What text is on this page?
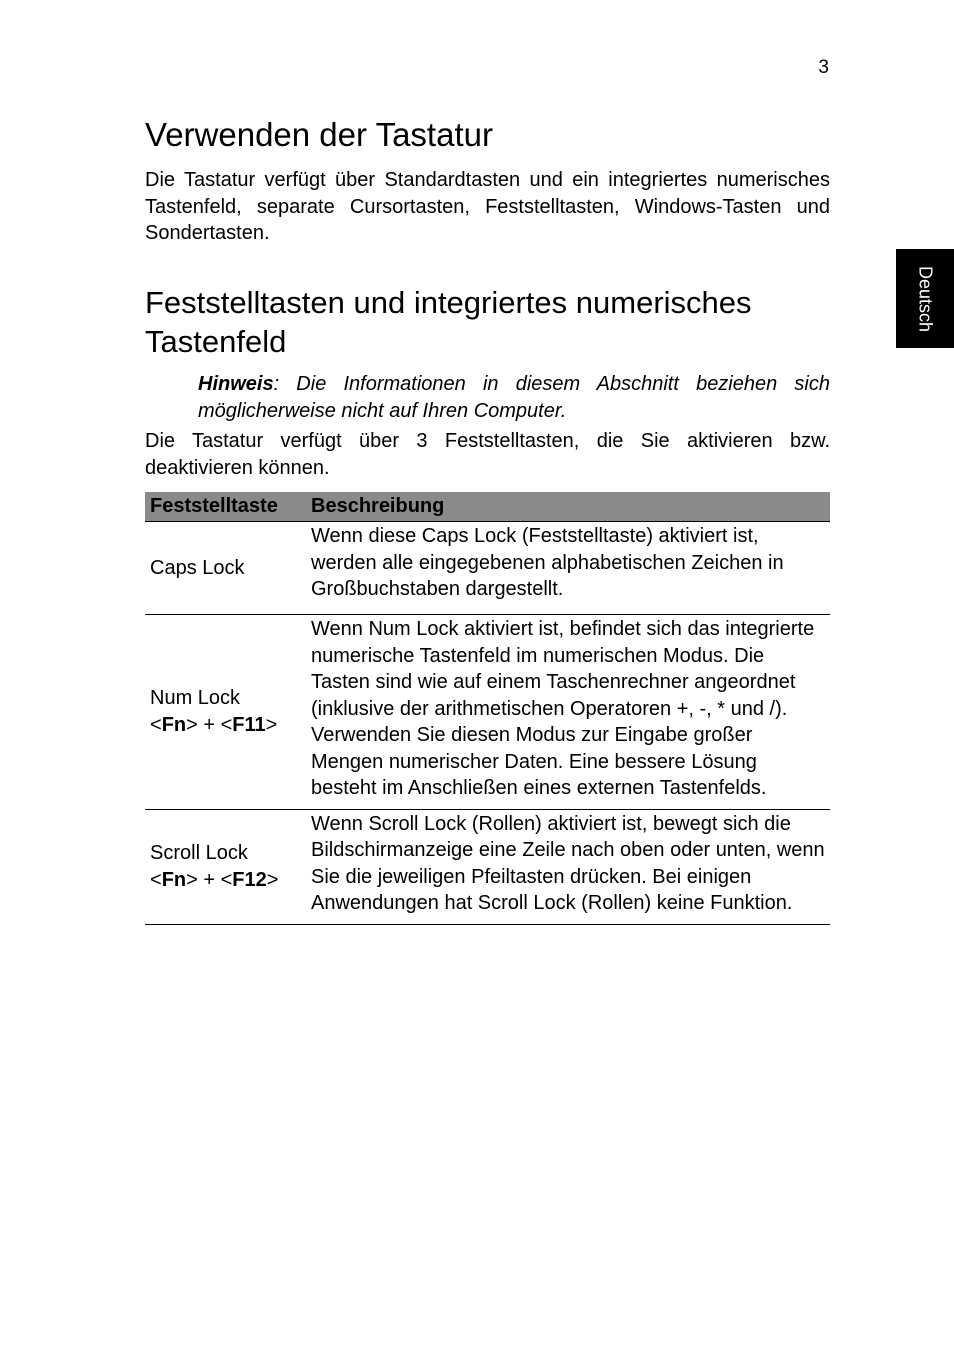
3
Deutsch
Verwenden der Tastatur

Die Tastatur verfügt über Standardtasten und ein integriertes numerisches Tastenfeld, separate Cursortasten, Feststelltasten, Windows-Tasten und Sondertasten.

Feststelltasten und integriertes numerisches Tastenfeld

Hinweis: Die Informationen in diesem Abschnitt beziehen sich möglicherweise nicht auf Ihren Computer.

Die Tastatur verfügt über 3 Feststelltasten, die Sie aktivieren bzw. deaktivieren können.

Feststelltaste	Beschreibung

Caps Lock	Wenn diese Caps Lock (Feststelltaste) aktiviert ist, werden alle eingegebenen alphabetischen Zeichen in Großbuchstaben dargestellt.

Num Lock
<Fn> + <F11>	Wenn Num Lock aktiviert ist, befindet sich das integrierte numerische Tastenfeld im numerischen Modus. Die Tasten sind wie auf einem Taschenrechner angeordnet (inklusive der arithmetischen Operatoren +, -, * und /). Verwenden Sie diesen Modus zur Eingabe großer Mengen numerischer Daten. Eine bessere Lösung besteht im Anschließen eines externen Tastenfelds.

Scroll Lock
<Fn> + <F12>	Wenn Scroll Lock (Rollen) aktiviert ist, bewegt sich die Bildschirmanzeige eine Zeile nach oben oder unten, wenn Sie die jeweiligen Pfeiltasten drücken. Bei einigen Anwendungen hat Scroll Lock (Rollen) keine Funktion.
